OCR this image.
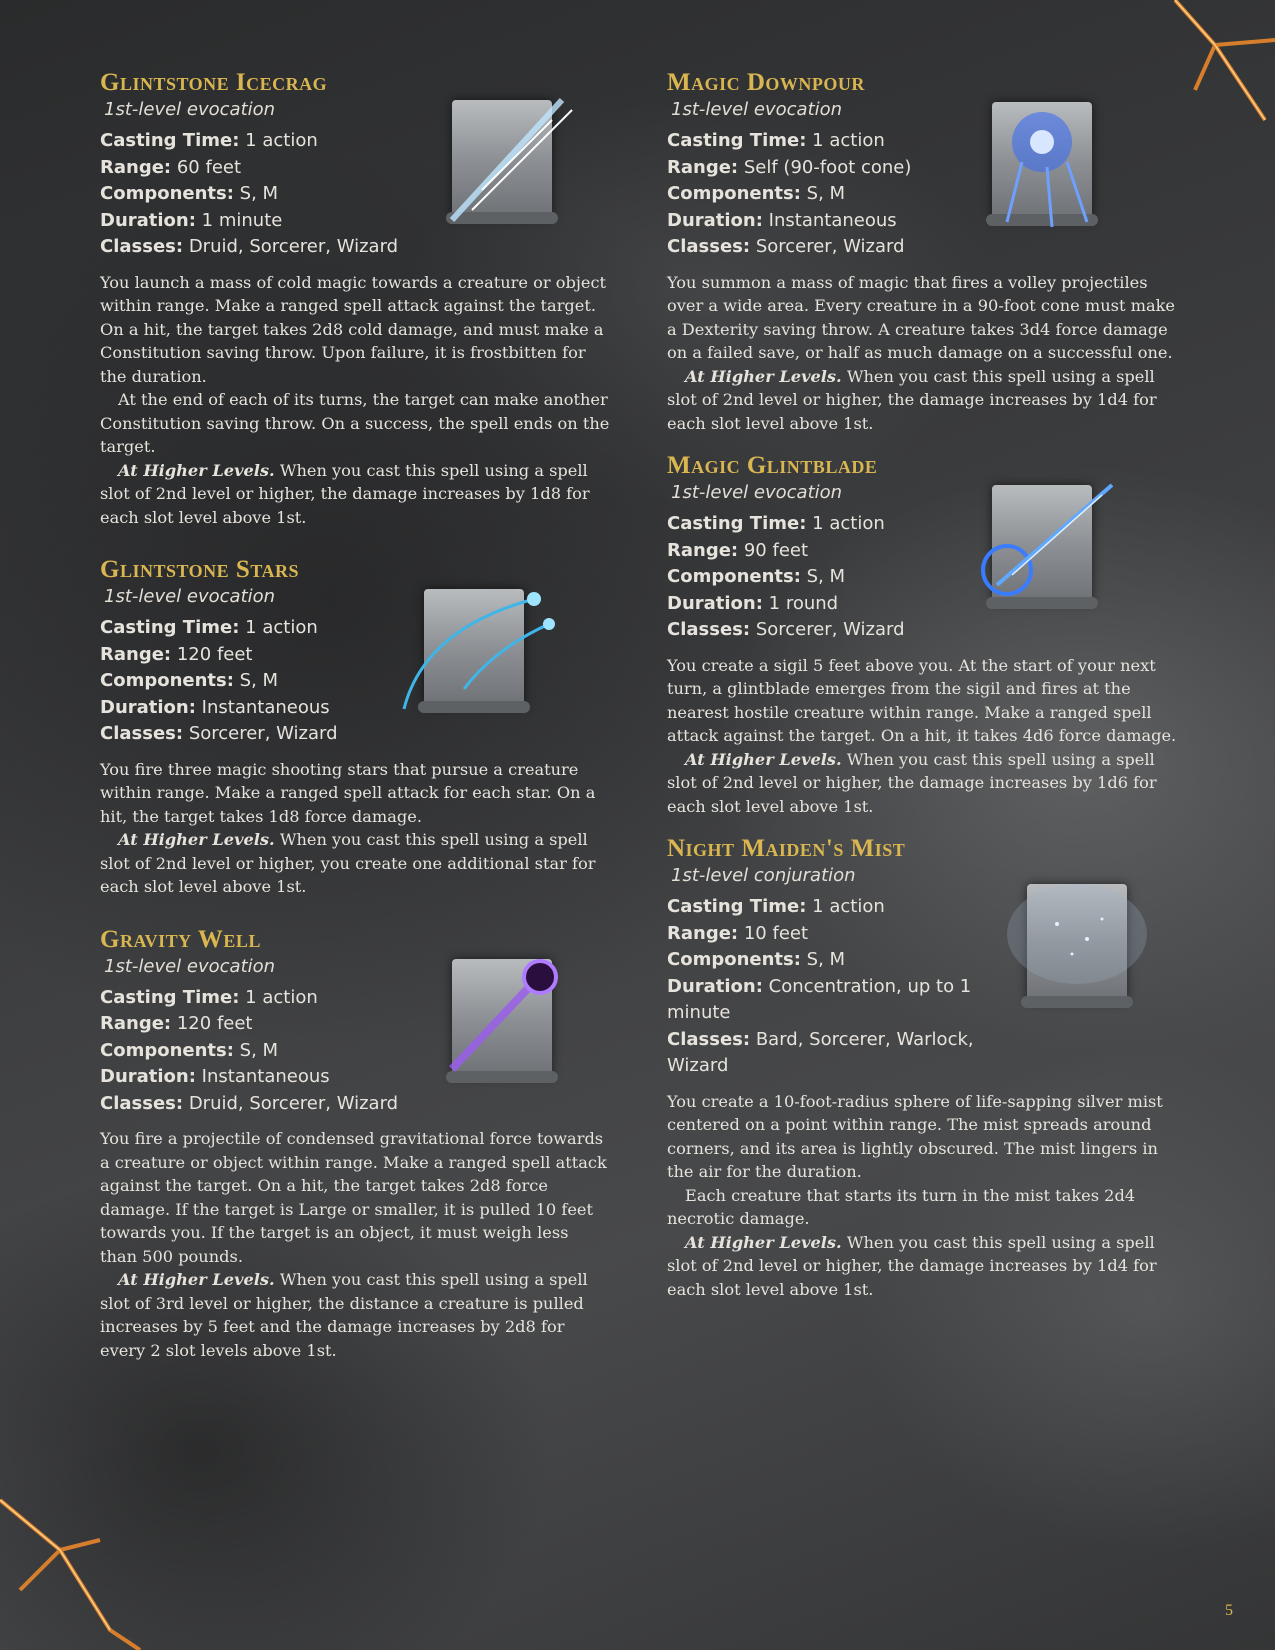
Glintstone Icecrag
1st-level evocation
Casting Time: 1 action
Range: 60 feet
Components: S, M
Duration: 1 minute
Classes: Druid, Sorcerer, Wizard

You launch a mass of cold magic towards a creature or object within range. Make a ranged spell attack against the target. On a hit, the target takes 2d8 cold damage, and must make a Constitution saving throw. Upon failure, it is frostbitten for the duration.

At the end of each of its turns, the target can make another Constitution saving throw. On a success, the spell ends on the target.

At Higher Levels. When you cast this spell using a spell slot of 2nd level or higher, the damage increases by 1d8 for each slot level above 1st.

Glintstone Stars
1st-level evocation
Casting Time: 1 action
Range: 120 feet
Components: S, M
Duration: Instantaneous
Classes: Sorcerer, Wizard

You fire three magic shooting stars that pursue a creature within range. Make a ranged spell attack for each star. On a hit, the target takes 1d8 force damage.

At Higher Levels. When you cast this spell using a spell slot of 2nd level or higher, you create one additional star for each slot level above 1st.

Gravity Well
1st-level evocation
Casting Time: 1 action
Range: 120 feet
Components: S, M
Duration: Instantaneous
Classes: Druid, Sorcerer, Wizard

You fire a projectile of condensed gravitational force towards a creature or object within range. Make a ranged spell attack against the target. On a hit, the target takes 2d8 force damage. If the target is Large or smaller, it is pulled 10 feet towards you. If the target is an object, it must weigh less than 500 pounds.

At Higher Levels. When you cast this spell using a spell slot of 3rd level or higher, the distance a creature is pulled increases by 5 feet and the damage increases by 2d8 for every 2 slot levels above 1st.

Magic Downpour
1st-level evocation
Casting Time: 1 action
Range: Self (90-foot cone)
Components: S, M
Duration: Instantaneous
Classes: Sorcerer, Wizard

You summon a mass of magic that fires a volley projectiles over a wide area. Every creature in a 90-foot cone must make a Dexterity saving throw. A creature takes 3d4 force damage on a failed save, or half as much damage on a successful one.

At Higher Levels. When you cast this spell using a spell slot of 2nd level or higher, the damage increases by 1d4 for each slot level above 1st.

Magic Glintblade
1st-level evocation
Casting Time: 1 action
Range: 90 feet
Components: S, M
Duration: 1 round
Classes: Sorcerer, Wizard

You create a sigil 5 feet above you. At the start of your next turn, a glintblade emerges from the sigil and fires at the nearest hostile creature within range. Make a ranged spell attack against the target. On a hit, it takes 4d6 force damage.

At Higher Levels. When you cast this spell using a spell slot of 2nd level or higher, the damage increases by 1d6 for each slot level above 1st.

Night Maiden's Mist
1st-level conjuration
Casting Time: 1 action
Range: 10 feet
Components: S, M
Duration: Concentration, up to 1 minute
Classes: Bard, Sorcerer, Warlock, Wizard

You create a 10-foot-radius sphere of life-sapping silver mist centered on a point within range. The mist spreads around corners, and its area is lightly obscured. The mist lingers in the air for the duration.

Each creature that starts its turn in the mist takes 2d4 necrotic damage.

At Higher Levels. When you cast this spell using a spell slot of 2nd level or higher, the damage increases by 1d4 for each slot level above 1st.

5
